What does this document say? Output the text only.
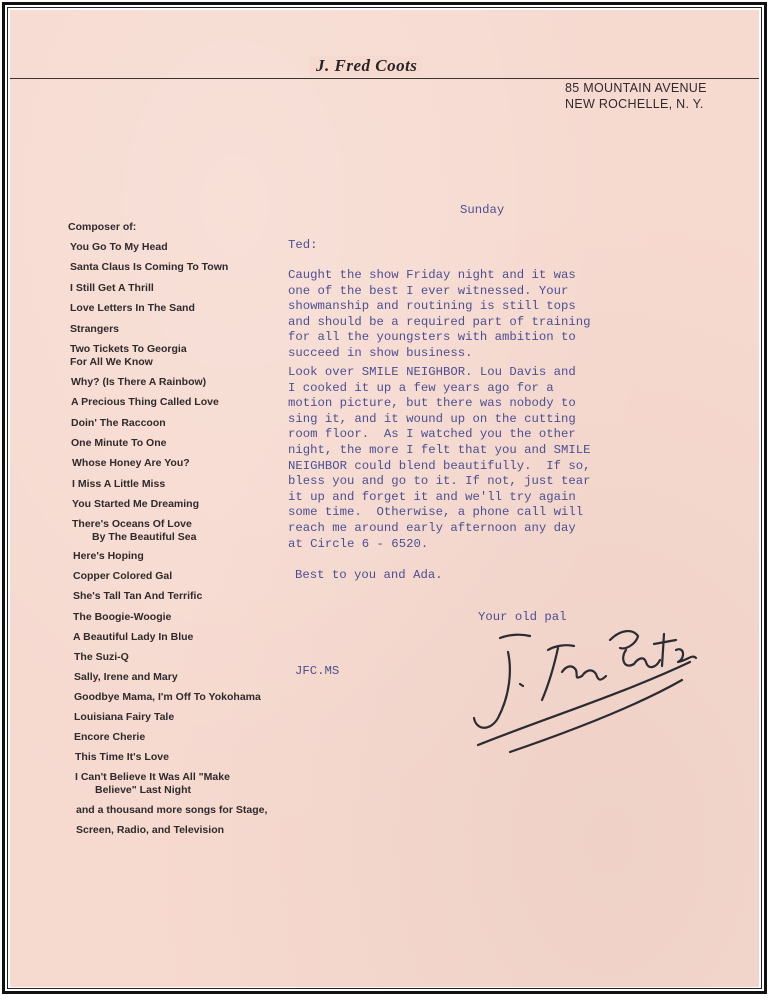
J. Fred Coots
85 MOUNTAIN AVENUE
NEW ROCHELLE, N. Y.
Composer of:
You Go To My Head
Santa Claus Is Coming To Town
I Still Get A Thrill
Love Letters In The Sand
Strangers
Two Tickets To Georgia
For All We Know
Why? (Is There A Rainbow)
A Precious Thing Called Love
Doin' The Raccoon
One Minute To One
Whose Honey Are You?
I Miss A Little Miss
You Started Me Dreaming
There's Oceans Of Love
By The Beautiful Sea
Here's Hoping
Copper Colored Gal
She's Tall Tan And Terrific
The Boogie-Woogie
A Beautiful Lady In Blue
The Suzi-Q
Sally, Irene and Mary
Goodbye Mama, I'm Off To Yokohama
Louisiana Fairy Tale
Encore Cherie
This Time It's Love
I Can't Believe It Was All "Make
Believe" Last Night
and a thousand more songs for Stage,
Screen, Radio, and Television
Sunday
Ted:
Caught the show Friday night and it was
one of the best I ever witnessed. Your
showmanship and routining is still tops
and should be a required part of training
for all the youngsters with ambition to
succeed in show business.
Look over SMILE NEIGHBOR. Lou Davis and
I cooked it up a few years ago for a
motion picture, but there was nobody to
sing it, and it wound up on the cutting
room floor.  As I watched you the other
night, the more I felt that you and SMILE
NEIGHBOR could blend beautifully.  If so,
bless you and go to it. If not, just tear
it up and forget it and we'll try again
some time.  Otherwise, a phone call will
reach me around early afternoon any day
at Circle 6 - 6520.
Best to you and Ada.
Your old pal
JFC.MS
